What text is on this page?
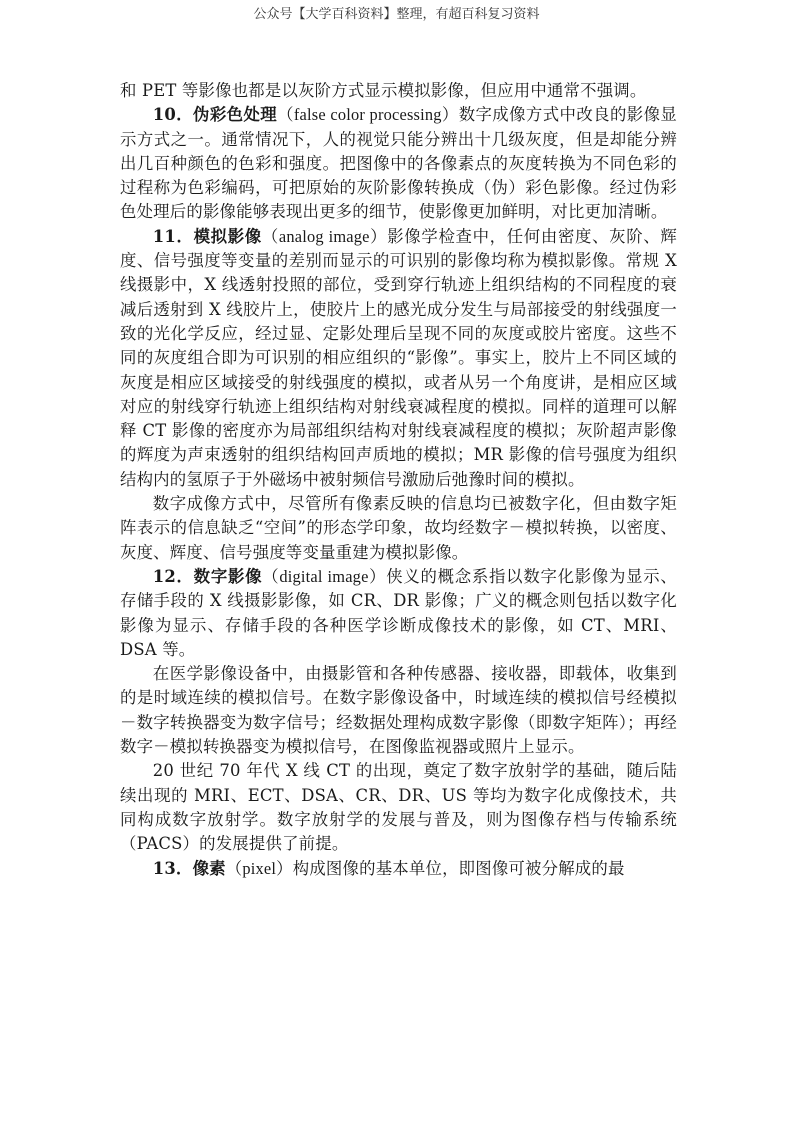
公众号【大学百科资料】整理，有超百科复习资料

和 PET 等影像也都是以灰阶方式显示模拟影像，但应用中通常不强调。

10．伪彩色处理（false color processing）数字成像方式中改良的影像显示方式之一。通常情况下，人的视觉只能分辨出十几级灰度，但是却能分辨出几百种颜色的色彩和强度。把图像中的各像素点的灰度转换为不同色彩的过程称为色彩编码，可把原始的灰阶影像转换成（伪）彩色影像。经过伪彩色处理后的影像能够表现出更多的细节，使影像更加鲜明，对比更加清晰。

11．模拟影像（analog image）影像学检查中，任何由密度、灰阶、辉度、信号强度等变量的差别而显示的可识别的影像均称为模拟影像。常规 X 线摄影中，X 线透射投照的部位，受到穿行轨迹上组织结构的不同程度的衰减后透射到 X 线胶片上，使胶片上的感光成分发生与局部接受的射线强度一致的光化学反应，经过显、定影处理后呈现不同的灰度或胶片密度。这些不同的灰度组合即为可识别的相应组织的“影像”。事实上，胶片上不同区域的灰度是相应区域接受的射线强度的模拟，或者从另一个角度讲，是相应区域对应的射线穿行轨迹上组织结构对射线衰减程度的模拟。同样的道理可以解释 CT 影像的密度亦为局部组织结构对射线衰减程度的模拟；灰阶超声影像的辉度为声束透射的组织结构回声质地的模拟；MR 影像的信号强度为组织结构内的氢原子于外磁场中被射频信号激励后弛豫时间的模拟。

数字成像方式中，尽管所有像素反映的信息均已被数字化，但由数字矩阵表示的信息缺乏“空间”的形态学印象，故均经数字－模拟转换，以密度、灰度、辉度、信号强度等变量重建为模拟影像。

12．数字影像（digital image）侠义的概念系指以数字化影像为显示、存储手段的 X 线摄影影像，如 CR、DR 影像；广义的概念则包括以数字化影像为显示、存储手段的各种医学诊断成像技术的影像，如 CT、MRI、DSA 等。

在医学影像设备中，由摄影管和各种传感器、接收器，即载体，收集到的是时域连续的模拟信号。在数字影像设备中，时域连续的模拟信号经模拟－数字转换器变为数字信号；经数据处理构成数字影像（即数字矩阵）；再经数字－模拟转换器变为模拟信号，在图像监视器或照片上显示。

20 世纪 70 年代 X 线 CT 的出现，奠定了数字放射学的基础，随后陆续出现的 MRI、ECT、DSA、CR、DR、US 等均为数字化成像技术，共同构成数字放射学。数字放射学的发展与普及，则为图像存档与传输系统（PACS）的发展提供了前提。

13．像素（pixel）构成图像的基本单位，即图像可被分解成的最
